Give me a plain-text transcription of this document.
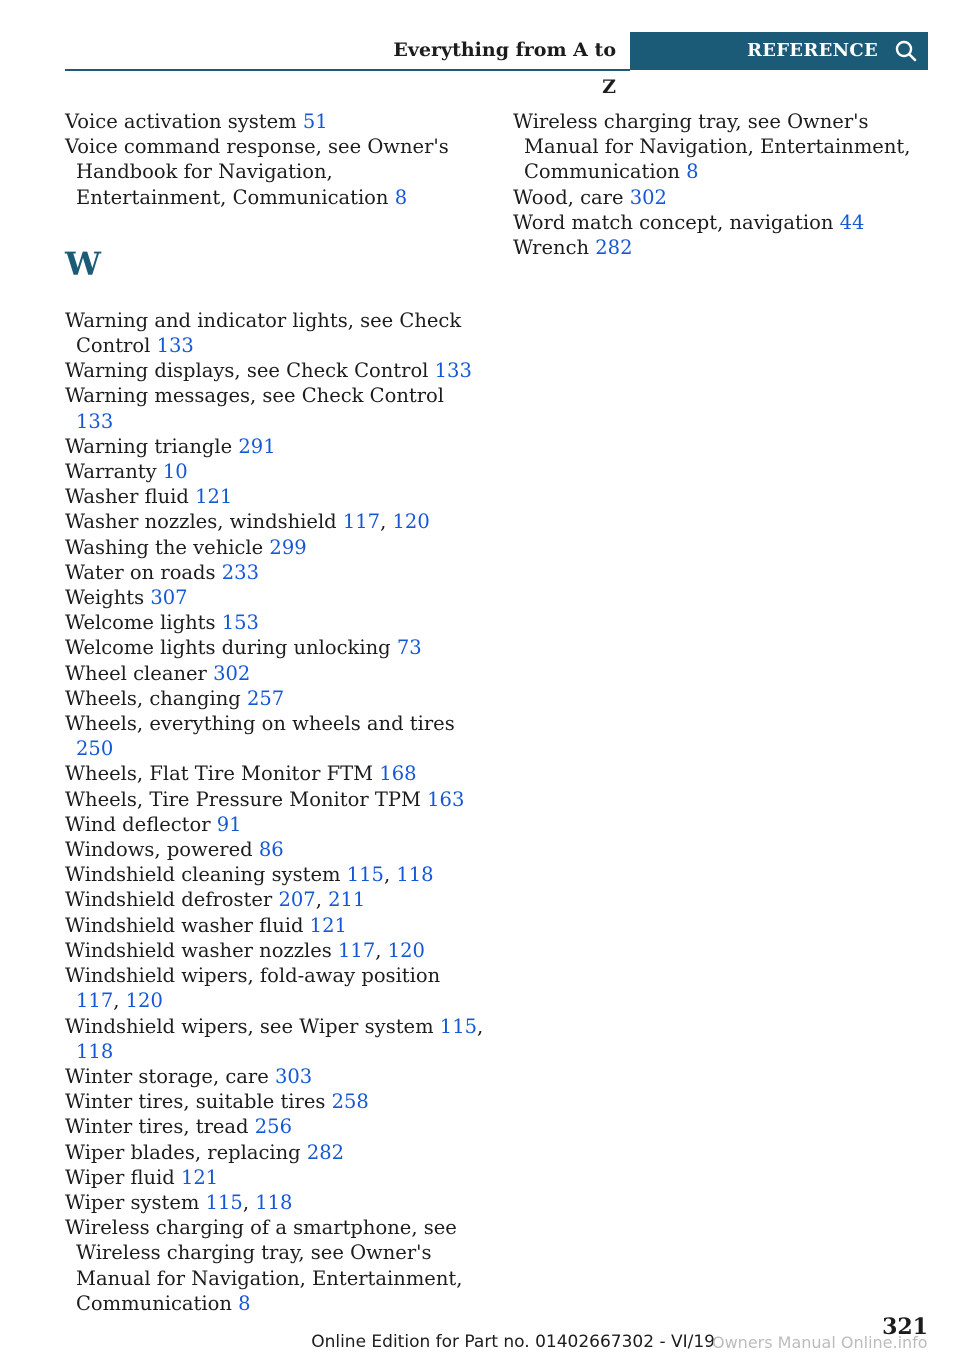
Everything from A to Z
REFERENCE
Voice activation system 51
Voice command response, see Owner's Handbook for Navigation, Entertainment, Communication 8
W
Warning and indicator lights, see Check Control 133
Warning displays, see Check Control 133
Warning messages, see Check Control 133
Warning triangle 291
Warranty 10
Washer fluid 121
Washer nozzles, windshield 117, 120
Washing the vehicle 299
Water on roads 233
Weights 307
Welcome lights 153
Welcome lights during unlocking 73
Wheel cleaner 302
Wheels, changing 257
Wheels, everything on wheels and tires 250
Wheels, Flat Tire Monitor FTM 168
Wheels, Tire Pressure Monitor TPM 163
Wind deflector 91
Windows, powered 86
Windshield cleaning system 115, 118
Windshield defroster 207, 211
Windshield washer fluid 121
Windshield washer nozzles 117, 120
Windshield wipers, fold-away position 117, 120
Windshield wipers, see Wiper system 115, 118
Winter storage, care 303
Winter tires, suitable tires 258
Winter tires, tread 256
Wiper blades, replacing 282
Wiper fluid 121
Wiper system 115, 118
Wireless charging of a smartphone, see Wireless charging tray, see Owner's Manual for Navigation, Entertainment, Communication 8
Wireless charging tray, see Owner's Manual for Navigation, Entertainment, Communication 8
Wood, care 302
Word match concept, navigation 44
Wrench 282
321
Online Edition for Part no. 01402667302 - VI/19
Owners Manual Online.info
